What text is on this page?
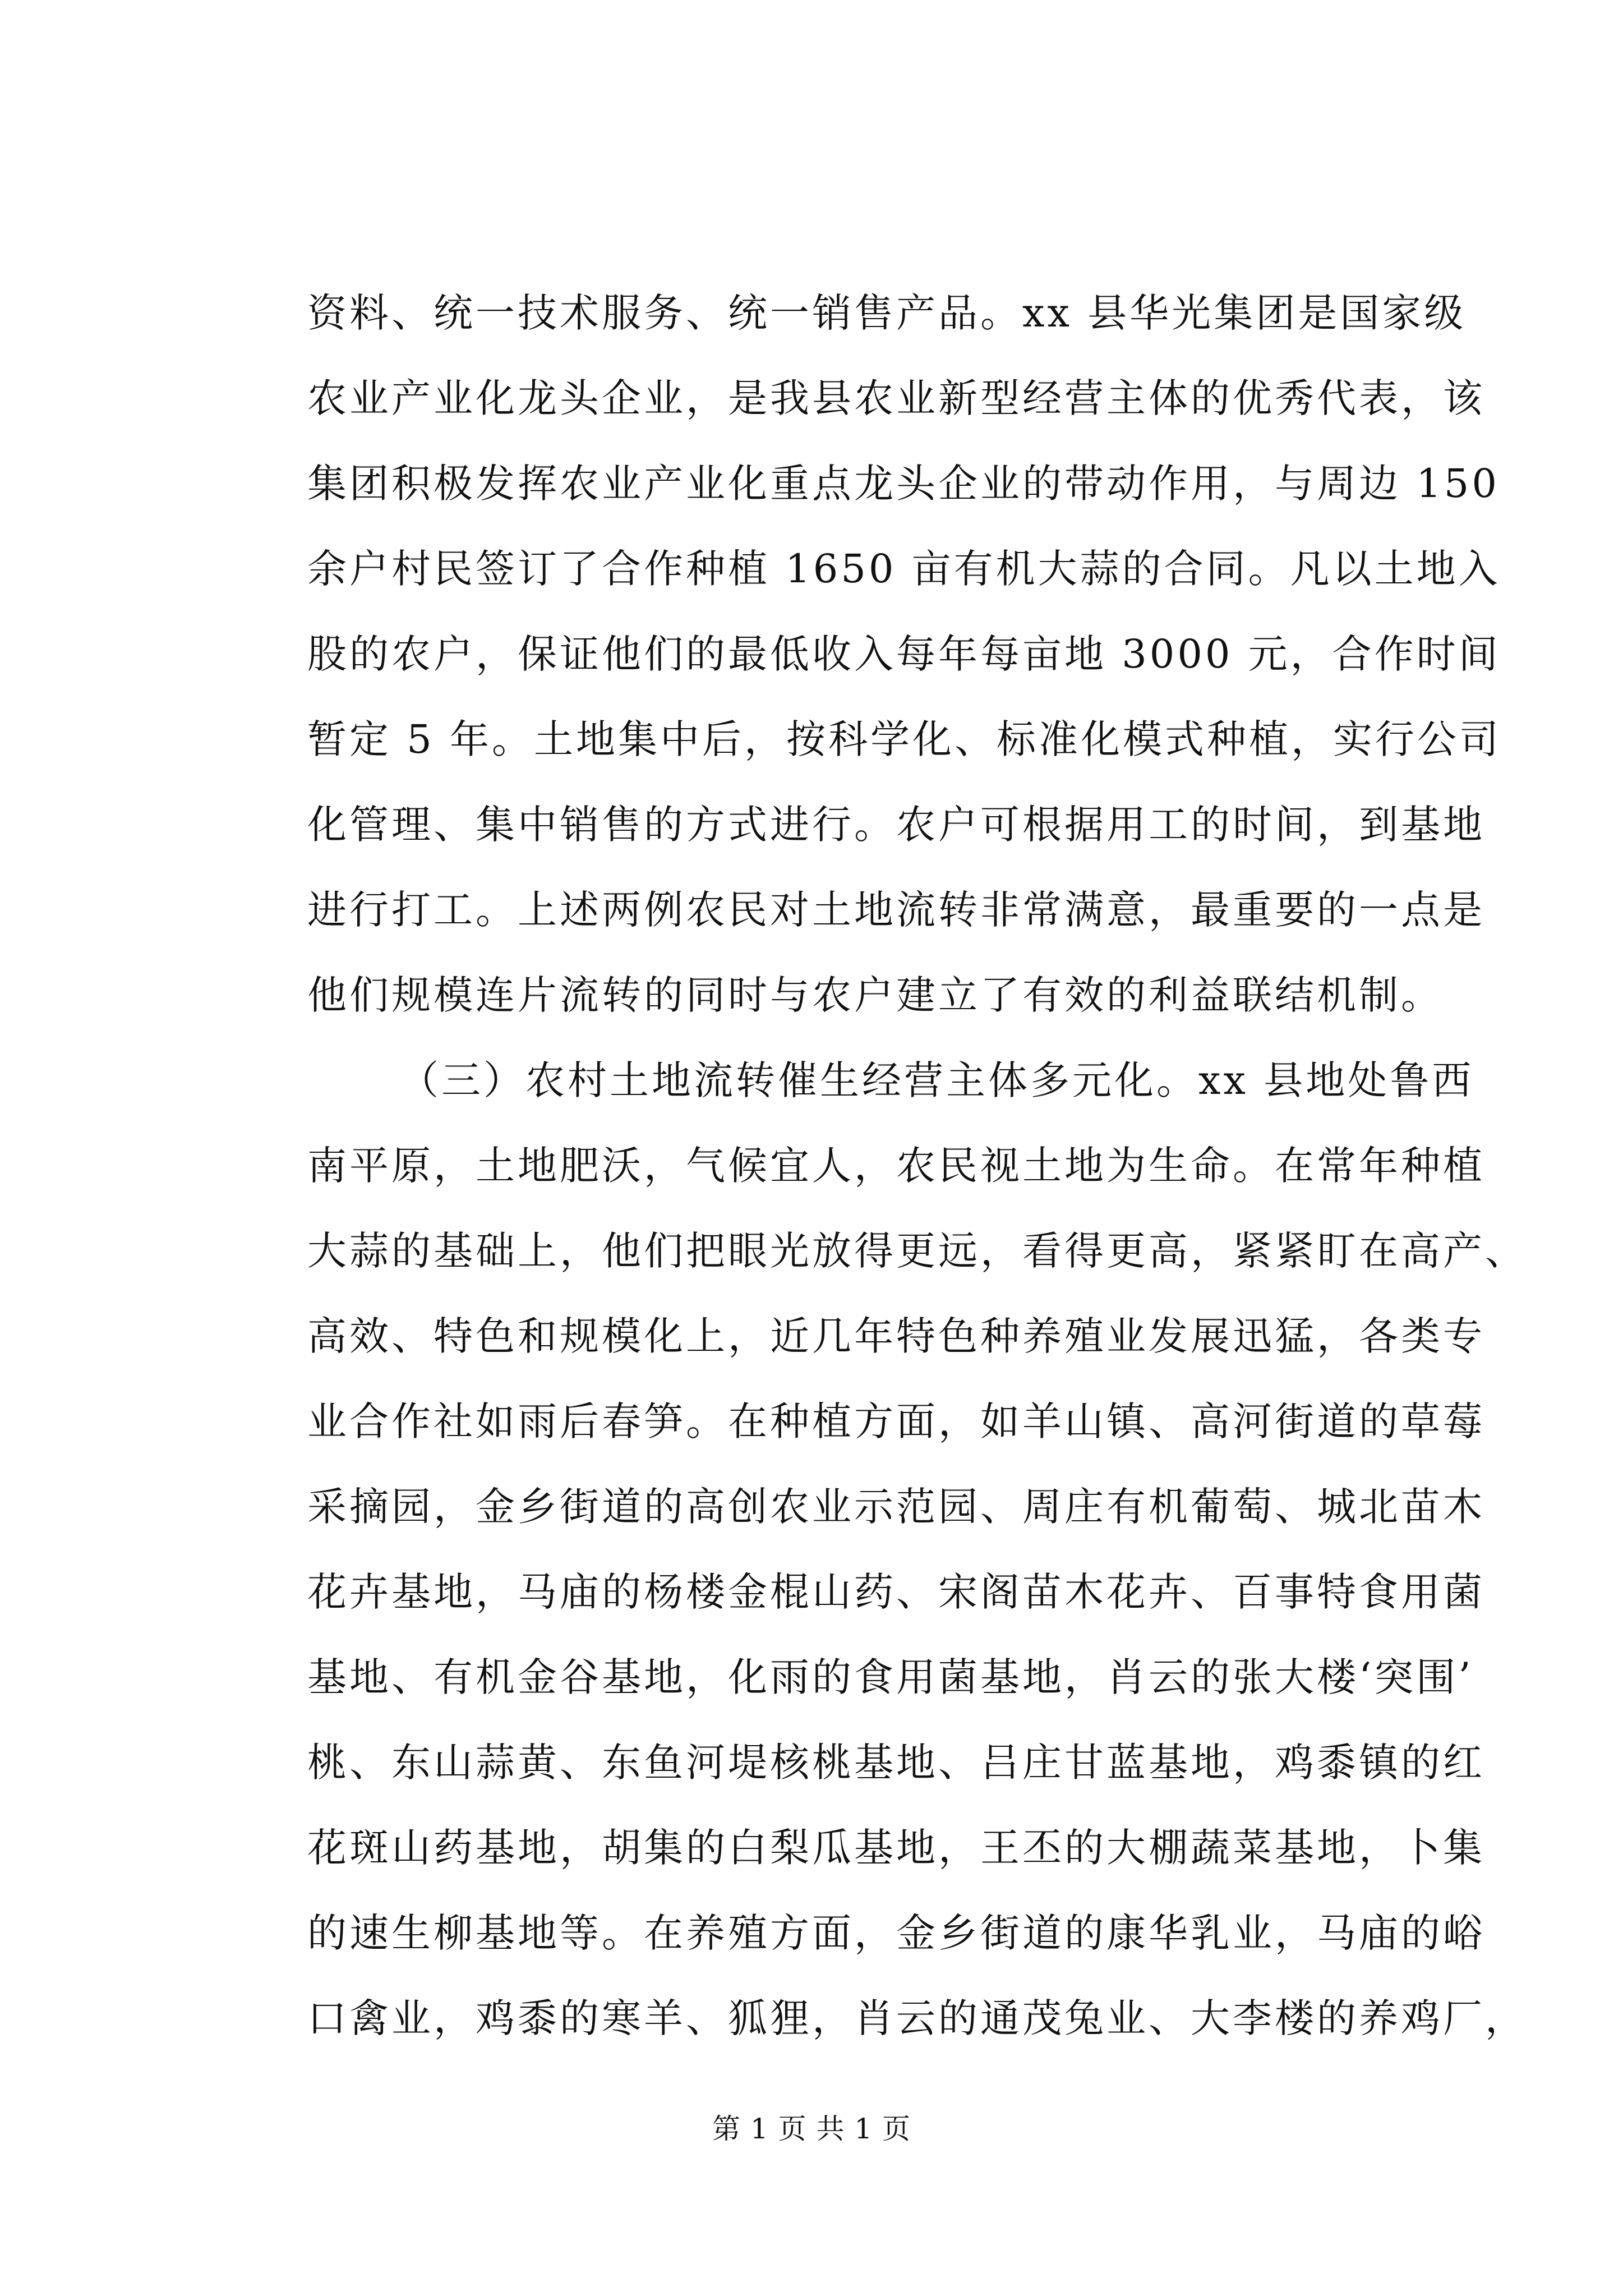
资料、统一技术服务、统一销售产品。xx 县华光集团是国家级
农业产业化龙头企业，是我县农业新型经营主体的优秀代表，该
集团积极发挥农业产业化重点龙头企业的带动作用，与周边 150
余户村民签订了合作种植 1650 亩有机大蒜的合同。凡以土地入
股的农户，保证他们的最低收入每年每亩地 3000 元，合作时间
暂定 5 年。土地集中后，按科学化、标准化模式种植，实行公司
化管理、集中销售的方式进行。农户可根据用工的时间，到基地
进行打工。上述两例农民对土地流转非常满意，最重要的一点是
他们规模连片流转的同时与农户建立了有效的利益联结机制。
（三）农村土地流转催生经营主体多元化。xx 县地处鲁西
南平原，土地肥沃，气候宜人，农民视土地为生命。在常年种植
大蒜的基础上，他们把眼光放得更远，看得更高，紧紧盯在高产、
高效、特色和规模化上，近几年特色种养殖业发展迅猛，各类专
业合作社如雨后春笋。在种植方面，如羊山镇、高河街道的草莓
采摘园，金乡街道的高创农业示范园、周庄有机葡萄、城北苗木
花卉基地，马庙的杨楼金棍山药、宋阁苗木花卉、百事特食用菌
基地、有机金谷基地，化雨的食用菌基地，肖云的张大楼‘突围’
桃、东山蒜黄、东鱼河堤核桃基地、吕庄甘蓝基地，鸡黍镇的红
花斑山药基地，胡集的白梨瓜基地，王丕的大棚蔬菜基地，卜集
的速生柳基地等。在养殖方面，金乡街道的康华乳业，马庙的峪
口禽业，鸡黍的寒羊、狐狸，肖云的通茂兔业、大李楼的养鸡厂，
第 1 页 共 1 页
